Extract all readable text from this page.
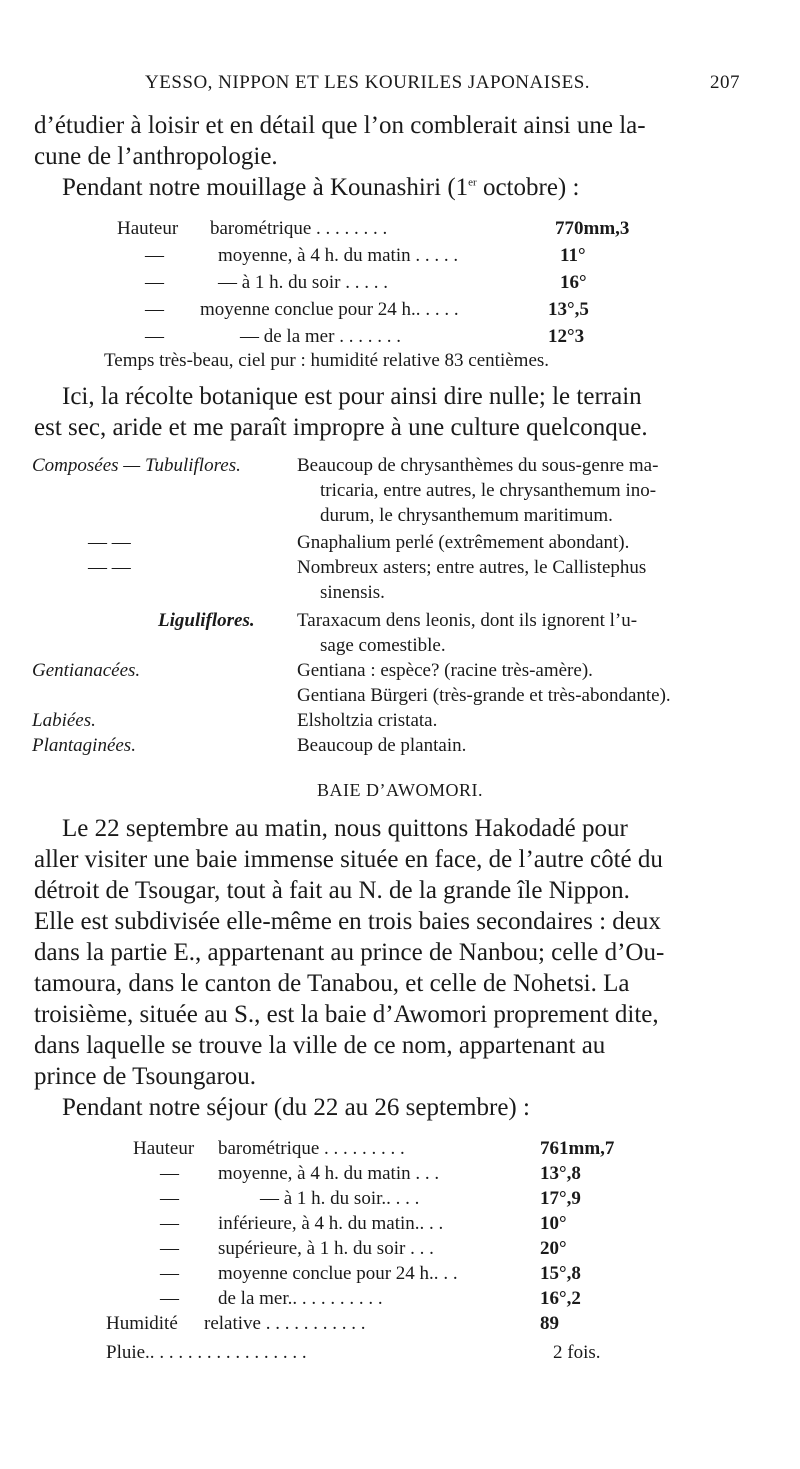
YESSO, NIPPON ET LES KOURILES JAPONAISES.	207
d’étudier à loisir et en détail que l’on comblerait ainsi une la-
cune de l’anthropologie.
Pendant notre mouillage à Kounashiri (1er octobre) :
Hauteur barométrique . . . . . . . .	770mm,3
—	moyenne, à 4 h. du matin . . . . .	11°
—	— à 1 h. du soir . . . . .	16°
— moyenne conclue pour 24 h.. . . . .	13°,5
—	— de la mer . . . . . . .	12°3
Temps très-beau, ciel pur : humidité relative 83 centièmes.
Ici, la récolte botanique est pour ainsi dire nulle; le terrain
est sec, aride et me paraît impropre à une culture quelconque.
Composées — Tubuliflores.	Beaucoup de chrysanthèmes du sous-genre ma-
tricaria, entre autres, le chrysanthemum ino-
durum, le chrysanthemum maritimum.
— —	Gnaphalium perlé (extrêmement abondant).
— —	Nombreux asters; entre autres, le Callistephus
sinensis.
Liguliflores. Taraxacum dens leonis, dont ils ignorent l’u-
sage comestible.
Gentianacées.	Gentiana : espèce? (racine très-amère).
Gentiana Bürgeri (très-grande et très-abondante).
Labiées.	Elsholtzia cristata.
Plantaginées.	Beaucoup de plantain.
BAIE D’AWOMORI.
Le 22 septembre au matin, nous quittons Hakodadé pour
aller visiter une baie immense située en face, de l’autre côté du
détroit de Tsougar, tout à fait au N. de la grande île Nippon.
Elle est subdivisée elle-même en trois baies secondaires : deux
dans la partie E., appartenant au prince de Nanbou; celle d’Ou-
tamoura, dans le canton de Tanabou, et celle de Nohetsi. La
troisième, située au S., est la baie d’Awomori proprement dite,
dans laquelle se trouve la ville de ce nom, appartenant au
prince de Tsoungarou.
Pendant notre séjour (du 22 au 26 septembre) :
Hauteur barométrique . . . . . . . . .	761mm,7
— moyenne, à 4 h. du matin . . .	13°,8
—	— à 1 h. du soir.. . . .	17°,9
— inférieure, à 4 h. du matin.. . .	10°
— supérieure, à 1 h. du soir . . .	20°
— moyenne conclue pour 24 h.. . .	15°,8
— de la mer.. . . . . . . . . .	16°,2
Humidité relative . . . . . . . . . . .	89
Pluie.. . . . . . . . . . . . . . . . .	2 fois.
